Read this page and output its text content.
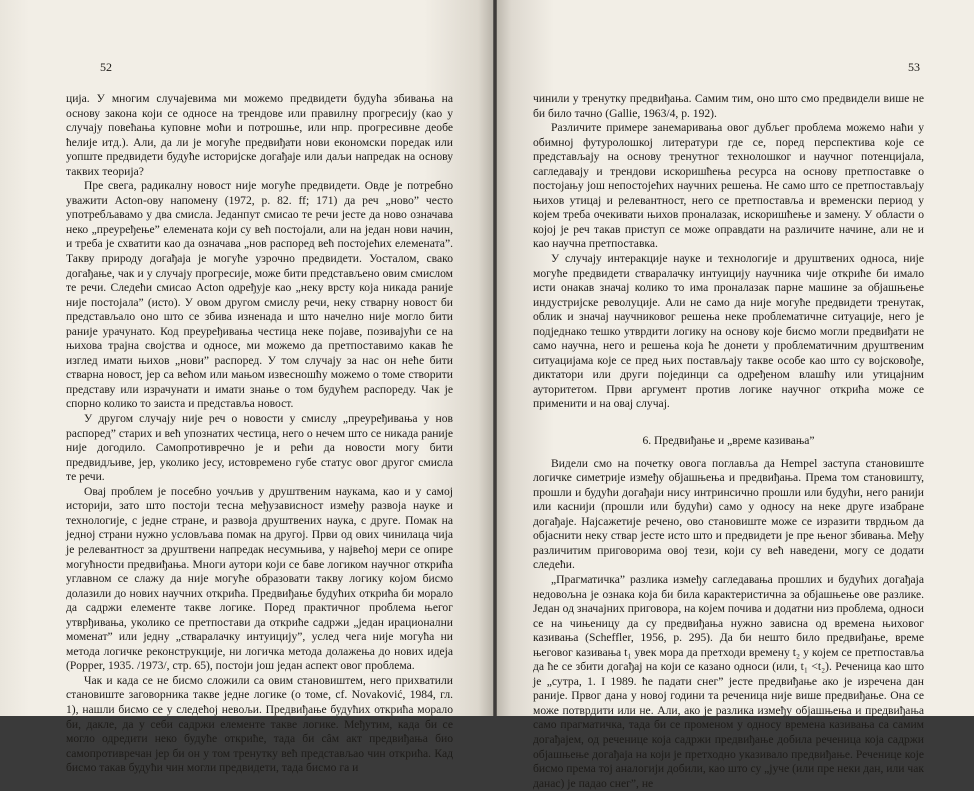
52

ција. У многим случајевима ми можемо предвидети будућа збивања на основу закона који се односе на трендове или правилну прогресију (као у случају повећања куповне моћи и потрошње, или нпр. прогресивне деобе ћелије итд.). Али, да ли је могуће предвиђати нови економски поредак или уопште предвидети будуће историјске догађаје или даљи напредак на основу таквих теорија?

Пре свега, радикалну новост није могуће предвидети. Овде је потребно уважити Acton-ову напомену (1972, p. 82. ff; 171) да реч „ново” често употребљавамо у два смисла. Једанпут смисао те речи јесте да ново означава неко „преуређење” елемената који су већ постојали, али на један нови начин, и треба је схватити као да означава „нов распоред већ постојећих елемената”. Такву природу догађаја је могуће узрочно предвидети. Уосталом, свако догађање, чак и у случају прогресије, може бити представљено овим смислом те речи. Следећи смисао Acton одређује као „неку врсту која никада раније није постојала” (исто). У овом другом смислу речи, неку стварну новост би представљало оно што се збива изненада и што начелно није могло бити раније урачунато. Код преуређивања честица неке појаве, позивајући се на њихова трајна својства и односе, ми можемо да претпоставимо какав ће изглед имати њихов „нови” распоред. У том случају за нас он неће бити стварна новост, јер са већом или мањом извесношћу можемо о томе створити представу или израчунати и имати знање о том будућем распореду. Чак је спорно колико то заиста и представља новост.

У другом случају није реч о новости у смислу „преуређивања у нов распоред” старих и већ упознатих честица, него о нечем што се никада раније није догодило. Самопротивречно је и рећи да новости могу бити предвидљиве, јер, уколико јесу, истовремено губе статус овог другог смисла те речи.

Овај проблем је посебно уочљив у друштвеним наукама, као и у самој историји, зато што постоји тесна међузависност између развоја науке и технологије, с једне стране, и развоја друштвених наука, с друге. Помак на једној страни нужно условљава помак на другој. Први од ових чинилаца чија је релевантност за друштвени напредак несумњива, у највећој мери се опире могућности предвиђања. Многи аутори који се баве логиком научног открића углавном се слажу да није могуће образовати такву логику којом бисмо долазили до нових научних открића. Предвиђање будућих открића би морало да садржи елементе такве логике. Поред практичног проблема његог утврђивања, уколико се претпостави да откриће садржи „један ирационални моменат” или једну „стваралачку интуицију”, услед чега није могућа ни метода логичке реконструкције, ни логичка метода долажења до нових идеја (Popper, 1935. /1973/, стр. 65), постоји још један аспект овог проблема.

Чак и када се не бисмо сложили са овим становиштем, него прихватили становиште заговорника такве једне логике (о томе, cf. Novaković, 1984, гл. 1), нашли бисмо се у следећој невољи. Предвиђање будућих открића морало би, дакле, да у себи садржи елементе такве логике. Међутим, када би се могло одредити неко будуће откриће, тада би сâм акт предвиђања био самопротивречан јер би он у том тренутку већ представљао чин открића. Кад бисмо такав будући чин могли предвидети, тада бисмо га и

53

чинили у тренутку предвиђања. Самим тим, оно што смо предвидели више не би било тачно (Gallie, 1963/4, p. 192).

Различите примере занемаривања овог дубљег проблема можемо наћи у обимној футуролошкој литератури где се, поред перспектива које се представљају на основу тренутног технолошког и научног потенцијала, сагледавају и трендови искоришћења ресурса на основу претпоставке о постојању још непостојећих научних решења. Не само што се претпостављају њихов утицај и релевантност, него се претпоставља и временски период у којем треба очекивати њихов проналазак, искоришћење и замену. У области о којој је реч такав приступ се може оправдати на различите начине, али не и као научна претпоставка.

У случају интеракције науке и технологије и друштвених односа, није могуће предвидети стваралачку интуицију научника чије откриће би имало исти онакав значај колико то има проналазак парне машине за објашњење индустријске револуције. Али не само да није могуће предвидети тренутак, облик и значај научниковог решења неке проблематичне ситуације, него је подједнако тешко утврдити логику на основу које бисмо могли предвиђати не само научна, него и решења која ће донети у проблематичним друштвеним ситуацијама које се пред њих постављају такве особе као што су војсковође, диктатори или други појединци са одређеном влашћу или утицајним ауторитетом. Први аргумент против логике научног открића може се применити и на овај случај.

6. Предвиђање и „време казивања”

Видели смо на почетку овога поглавља да Hempel заступа становиште логичке симетрије између објашњења и предвиђања. Према том становишту, прошли и будући догађаји нису интринсично прошли или будући, него ранији или каснији (прошли или будући) само у односу на неке друге изабране догађаје. Најсажетије речено, ово становиште може се изразити тврдњом да објаснити неку ствар јесте исто што и предвидети је пре њеног збивања. Међу различитим приговорима овој тези, који су већ наведени, могу се додати следећи.

„Прагматичка” разлика између сагледавања прошлих и будућих догађаја недовољна је ознака која би била карактеристична за објашњење ове разлике. Један од значајних приговора, на којем почива и додатни низ проблема, односи се на чињеницу да су предвиђања нужно зависна од времена њиховог казивања (Scheffler, 1956, p. 295). Да би нешто било предвиђање, време његовог казивања t₁ увек мора да претходи времену t₂ у којем се претпоставља да ће се збити догађај на који се казано односи (или, t₁ <t₂). Реченица као што је „сутра, 1. I 1989. ће падати снег” јесте предвиђање ако је изречена дан раније. Првог дана у новој години та реченица није више предвиђање. Она се може потврдити или не. Али, ако је разлика између објашњења и предвиђања само прагматичка, тада би се променом у односу времена казивања са самим догађајем, од реченице која садржи предвиђање добила реченица која садржи објашњење догађаја на који је претходно указивало предвиђање. Реченице које бисмо према тој аналогији добили, као што су „јуче (или пре неки дан, или чак данас) је падао снег”, не
